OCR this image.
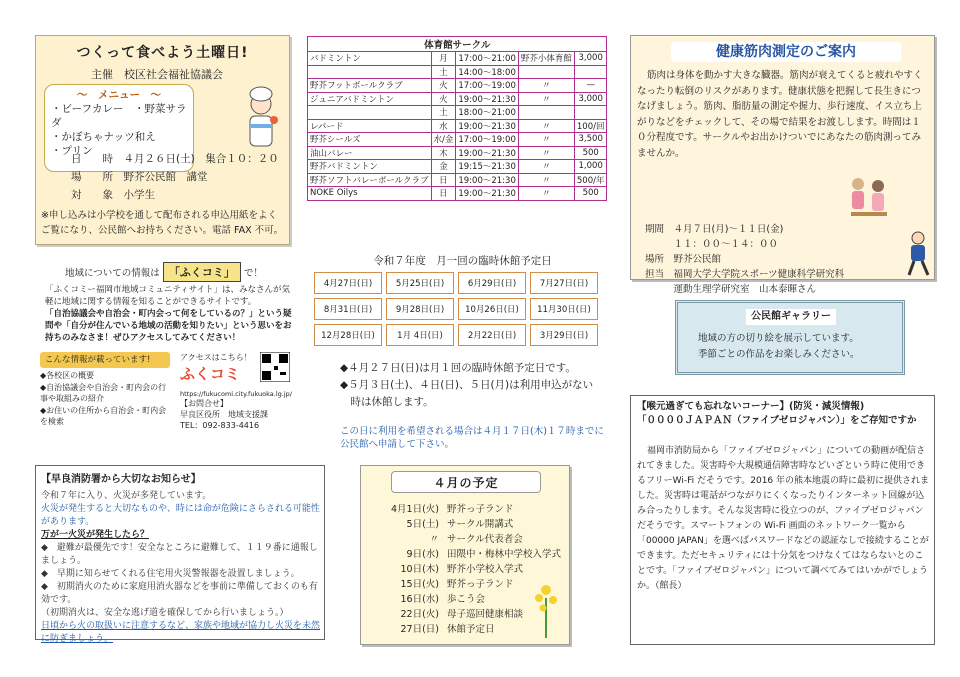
つくって食べよう土曜日!
主催　校区社会福祉協議会
～　メニュー　～
・ビーフカレー　・野菜サラダ
・かぼちゃナッツ和え
・プリン
日　　時　４月２６日(土)　集合１０：２０
場　　所　野芥公民館　講堂
対　　象　小学生
※申し込みは小学校を通して配布される申込用紙をよくご覧になり、公民館へお持ちください。電話 FAX 不可。
体育館サークル				
バドミントン	月	17:00～21:00	野芥小体育館	3,000
	土	14:00～18:00		
野芥フットボールクラブ	火	17:00～19:00	〃	—
ジュニアバドミントン	火	19:00～21:30	〃	3,000
	土	18:00～21:00		
レパード	水	19:00～21:30	〃	100/回
野芥シールズ	水/金	17:00～19:00	〃	3,500
油山バレー	木	19:00～21:30	〃	500
野芥バドミントン	金	19:15～21:30	〃	1,000
野芥ソフトバレーボールクラブ	日	19:00～21:30	〃	500/年
NOKE Oilys	日	19:00～21:30	〃	500
健康筋肉測定のご案内
筋肉は身体を動かす大きな臓器。筋肉が衰えてくると疲れやすくなったり転倒のリスクがあります。健康状態を把握して長生きにつなげましょう。筋肉、脂肪量の測定や握力、歩行速度、イス立ち上がりなどをチェックして、その場で結果をお渡しします。時間は１０分程度です。サークルやお出かけついでにあなたの筋肉測ってみませんか。
期間　４月７日(月)～１１日(金)
　　　１１：００～１４：００
場所　野芥公民館
担当　福岡大学大学院スポーツ健康科学研究科
　　　運動生理学研究室　山本泰暉さん
公民館ギャラリー
地域の方の切り絵を展示しています。
季節ごとの作品をお楽しみください。
地域についての情報は 「ふくコミ」 で！
「ふくコミー福岡市地域コミュニティサイト」は、みなさんが気軽に地域に関する情報を知ることができるサイトです。
「自治協議会や自治会・町内会って何をしているの？」という疑問や「自分が住んでいる地域の活動を知りたい」という思いをお持ちのみなさま！ぜひアクセスしてみてください！
こんな情報が載っています!
◆各校区の概要
◆自治協議会や自治会・町内会の行事や取組みの紹介
◆お住いの住所から自治会・町内会を検索
アクセスはこちら！
ふくコミ
https://fukucomi.city.fukuoka.lg.jp/
【お問合せ】
早良区役所　地域支援課
TEL：092-833-4416
令和７年度　月一回の臨時休館予定日
4月27日(日)	5月25日(日)	6月29日(日)	7月27日(日)
8月31日(日)	9月28日(日)	10月26日(日)	11月30日(日)
12月28日(日)	1月 4日(日)	2月22日(日)	3月29日(日)
◆４月２７日(日)は月１回の臨時休館予定日です。
◆５月３日(土)、４日(日)、５日(月)は利用申込がない
　時は休館します。
この日に利用を希望される場合は４月１７日(木)１７時までに公民館へ申請して下さい。
４月の予定
4月1日(火) 野芥っ子ランド
5日(土) サークル開講式
〃 サークル代表者会
9日(水) 田隈中・梅林中学校入学式
10日(木) 野芥小学校入学式
15日(火) 野芥っ子ランド
16日(水) 歩こう会
22日(火) 母子巡回健康相談
27日(日) 休館予定日
【早良消防署から大切なお知らせ】
令和７年に入り、火災が多発しています。
火災が発生すると大切なものや、時には命が危険にさらされる可能性があります。
万が一火災が発生したら？
◆　避難が最優先です！安全なところに避難して、１１９番に通報しましょう。
◆　早期に知らせてくれる住宅用火災警報器を設置しましょう。
◆　初期消火のために家庭用消火器などを事前に準備しておくのも有効です。
（初期消火は、安全な逃げ道を確保してから行いましょう。）
日頃から火の取扱いに注意するなど、家族や地域が協力し火災を未然に防ぎましょう。
【喉元過ぎても忘れないコーナー】(防災・減災情報)
「００００ＪＡＰＡＮ（ファイブゼロジャパン）」をご存知ですか
福岡市消防局から「ファイブゼロジャパン」についての動画が配信されてきました。災害時や大規模通信障害時などいざという時に使用できるフリーWi-Fi だそうです。2016 年の熊本地震の時に最初に提供されました。災害時は電話がつながりにくくなったりインターネット回線が込み合ったりします。そんな災害時に役立つのが、ファイブゼロジャパンだそうです。スマートフォンの Wi-Fi 画面のネットワーク一覧から「00000 JAPAN」を選べばパスワードなどの認証なしで接続することができます。ただセキュリティには十分気をつけなくてはならないとのことです。「ファイブゼロジャパン」について調べてみてはいかがでしょうか。（館長）
